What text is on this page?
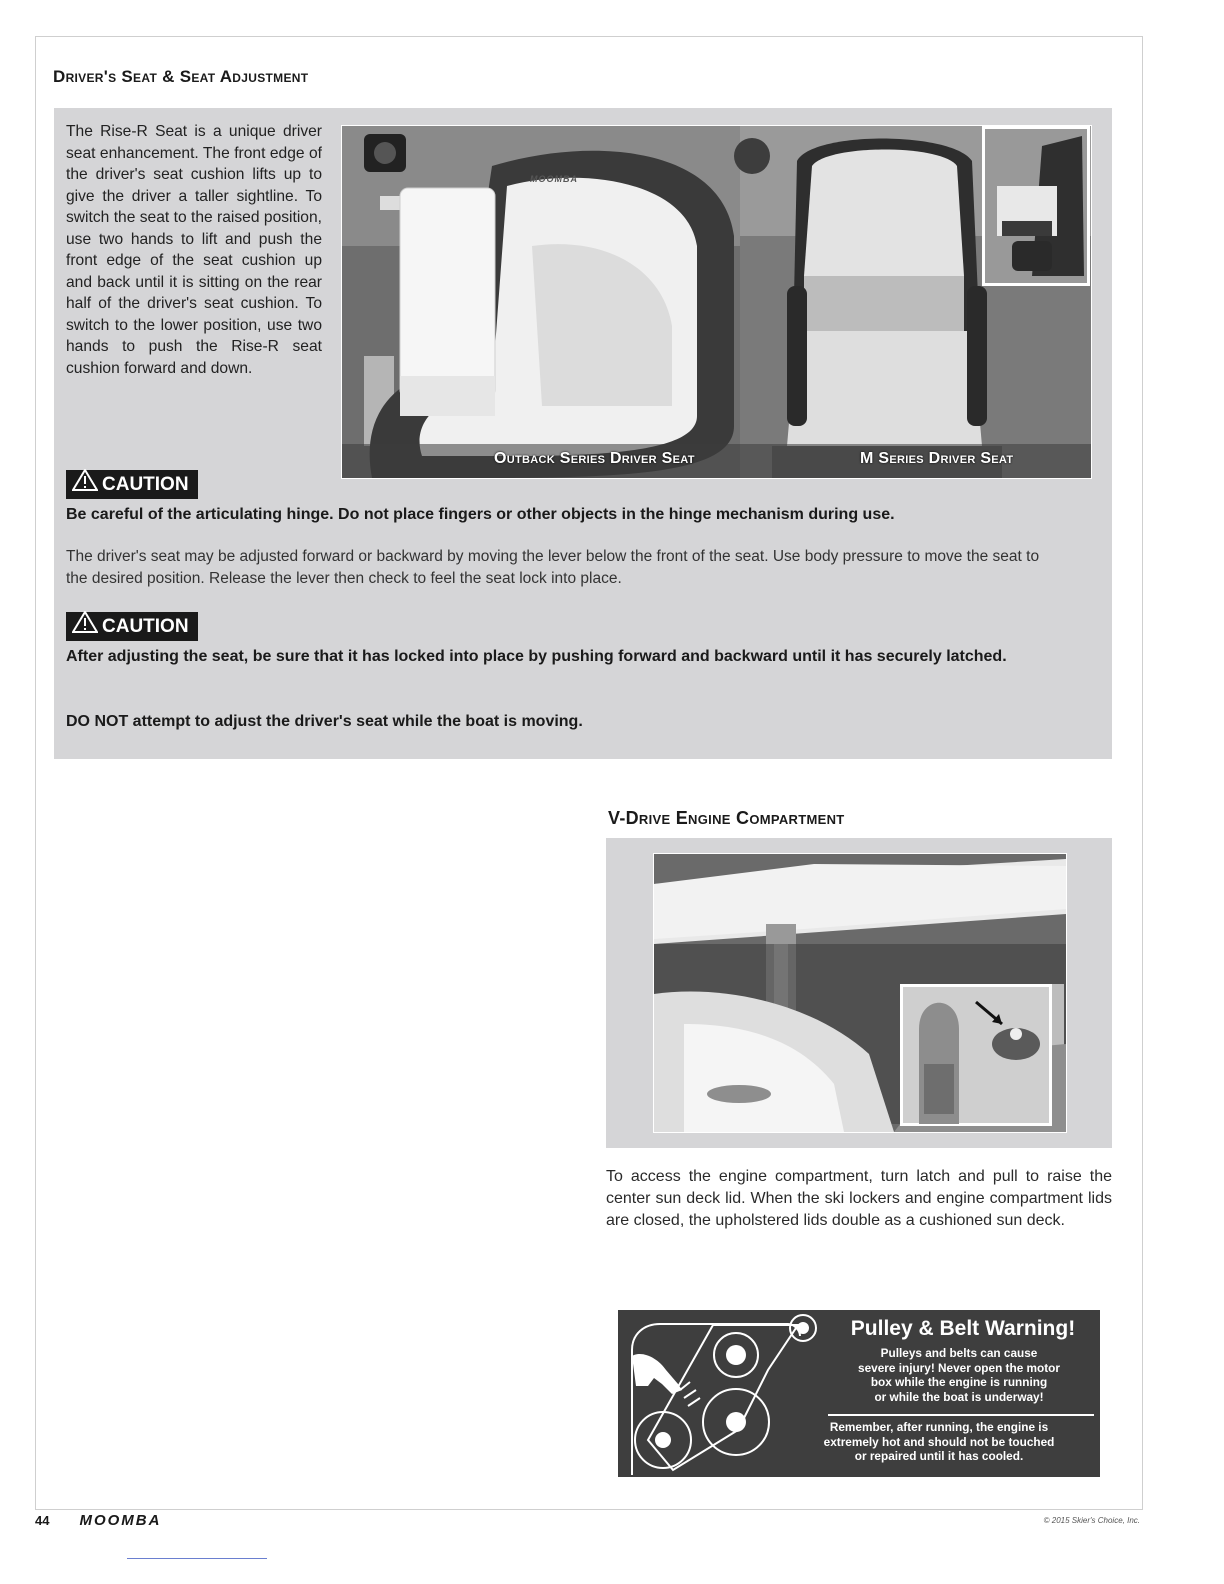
Driver's Seat & Seat Adjustment
The Rise-R Seat is a unique driver seat enhancement. The front edge of the driver's seat cushion lifts up to give the driver a taller sightline. To switch the seat to the raised position, use two hands to lift and push the front edge of the seat cushion up and back until it is sitting on the rear half of the driver's seat cushion. To switch to the lower position, use two hands to push the Rise-R seat cushion forward and down.
MOOMBA
Outback Series Driver Seat	M Series Driver Seat
CAUTION
Be careful of the articulating hinge. Do not place fingers or other objects in the hinge mechanism during use.
The driver's seat may be adjusted forward or backward by moving the lever below the front of the seat. Use body pressure to move the seat to the desired position. Release the lever then check to feel the seat lock into place.
CAUTION
After adjusting the seat, be sure that it has locked into place by pushing forward and backward until it has securely latched.
DO NOT attempt to adjust the driver's seat while the boat is moving.
V-Drive Engine Compartment
To access the engine compartment, turn latch and pull to raise the center sun deck lid. When the ski lockers and engine compartment lids are closed, the upholstered lids double as a cushioned sun deck.
Pulley & Belt Warning!
Pulleys and belts can cause
severe injury! Never open the motor
box while the engine is running
or while the boat is underway!
Remember, after running, the engine is
extremely hot and should not be touched
or repaired until it has cooled.
44 MOOMBA	© 2015 Skier's Choice, Inc.
